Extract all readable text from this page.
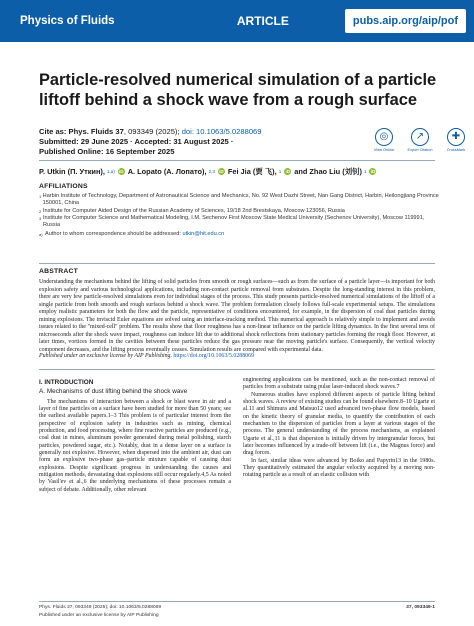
Physics of Fluids	ARTICLE	pubs.aip.org/aip/pof
Particle-resolved numerical simulation of a particle liftoff behind a shock wave from a rough surface
Cite as: Phys. Fluids 37, 093349 (2025); doi: 10.1063/5.0288069
Submitted: 29 June 2025 · Accepted: 31 August 2025 ·
Published Online: 16 September 2025
◎
View Online
↗
Export Citation
✚
CrossMark
P. Utkin (П. Уткин), 1,a) iD A. Lopato (А. Лопато), 2,3 iD Fei Jia (贾 飞), 1 iD and Zhao Liu (刘钊) 1 iD
AFFILIATIONS
1 Harbin Institute of Technology, Department of Astronautical Science and Mechanics, No. 92 West Dazhi Street, Nan Gang District, Harbin, Heilongjiang Province 150001, China
2 Institute for Computer Aided Design of the Russian Academy of Sciences, 19/18 2nd Brestskaya, Moscow 123056, Russia
3 Institute for Computer Science and Mathematical Modeling, I.M. Sechenov First Moscow State Medical University (Sechenov University), Moscow 119991, Russia
a) Author to whom correspondence should be addressed:
utkin@hit.edu.cn
ABSTRACT
Understanding the mechanisms behind the lifting of solid particles from smooth or rough surfaces—such as from the surface of a particle layer—is important for both explosion safety and various technological applications, including non-contact particle removal from substrates. Despite the long-standing interest in this problem, there are very few particle-resolved simulations even for individual stages of the process. This study presents particle-resolved numerical simulations of the liftoff of a single particle from both smooth and rough surfaces behind a shock wave. The problem formulation closely follows full-scale experimental setups. The simulations employ realistic parameters for both the flow and the particle, representative of conditions encountered, for example, in the dispersion of coal dust particles during mining explosions. The inviscid Euler equations are solved using an interface-tracking method. This numerical approach is relatively simple to implement and avoids issues related to the "mixed-cell" problem. The results show that floor roughness has a non-linear influence on the particle lifting dynamics. In the first several tens of microseconds after the shock wave impact, roughness can induce lift due to additional shock reflections from stationary particles forming the rough floor. However, at later times, vortices formed in the cavities between these particles reduce the gas pressure near the moving particle's surface. Consequently, the vertical velocity component decreases, and the lifting process eventually ceases. Simulation results are compared with experimental data.
Published under an exclusive license by AIP Publishing. https://doi.org/10.1063/5.0288069
I. INTRODUCTION
A. Mechanisms of dust lifting behind the shock wave

The mechanisms of interaction between a shock or blast wave in air and a layer of fine particles on a surface have been studied for more than 50 years; see the earliest available papers.1–3 This problem is of particular interest from the perspective of explosion safety in industries such as mining, chemical production, and food processing, where fine reactive particles are produced (e.g., coal dust in mines, aluminum powder generated during metal polishing, starch particles, powdered sugar, etc.). Notably, dust in a dense layer on a surface is generally not explosive. However, when dispersed into the ambient air, dust can form an explosive two-phase gas–particle mixture capable of causing dust explosions. Despite significant progress in understanding the causes and mitigation methods, devastating dust explosions still occur regularly.4,5 As noted by Vasil'ev et al.,6 the underlying mechanisms of these processes remain a subject of debate. Additionally, other relevant

engineering applications can be mentioned, such as the non-contact removal of particles from a substrate using pulse laser-induced shock waves.7

Numerous studies have explored different aspects of particle lifting behind shock waves. A review of existing studies can be found elsewhere.8–10 Ugarte et al.11 and Shimura and Matsuo12 used advanced two-phase flow models, based on the kinetic theory of granular media, to quantify the contribution of each mechanism to the dispersion of particles from a layer at various stages of the process. The general understanding of the process mechanisms, as explained Ugarte et al.,11 is that dispersion is initially driven by intergranular forces, but later becomes influenced by a trade-off between lift (i.e., the Magnus force) and drag forces.

In fact, similar ideas were advanced by Boiko and Papyrin13 in the 1980s. They quantitatively estimated the angular velocity acquired by a moving non-rotating particle as a result of an elastic collision with

Phys. Fluids 37, 093349 (2025); doi: 10.1063/5.0288069	37, 093349-1
Published under an exclusive license by AIP Publishing
